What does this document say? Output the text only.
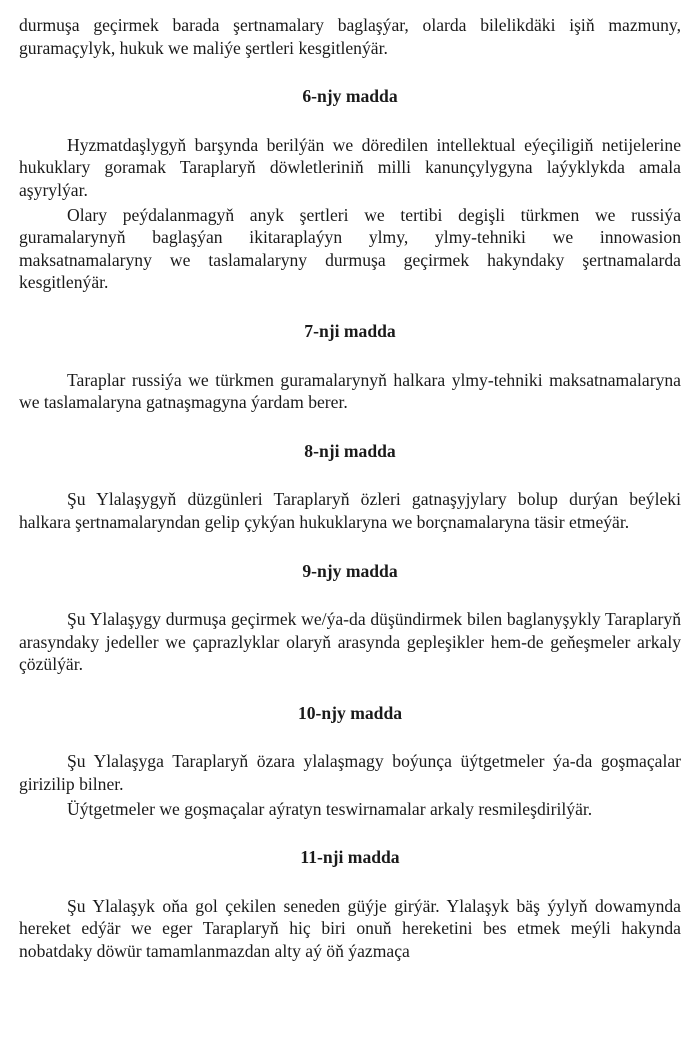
durmuşa geçirmek barada şertnamalary baglaşýar, olarda bilelikdäki işiň mazmuny, guramaçylyk, hukuk we maliýe şertleri kesgitlenýär.

6-njy madda

Hyzmatdaşlygyň barşynda berilýän we döredilen intellektual eýeçiligiň netijelerine hukuklary goramak Taraplaryň döwletleriniň milli kanunçylygyna laýyklykda amala aşyrylýar.

Olary peýdalanmagyň anyk şertleri we tertibi degişli türkmen we russiýa guramalarynyň baglaşýan ikitaraplaýyn ylmy, ylmy-tehniki we innowasion maksatnamalaryny we taslamalaryny durmuşa geçirmek hakyndaky şertnamalarda kesgitlenýär.

7-nji madda

Taraplar russiýa we türkmen guramalarynyň halkara ylmy-tehniki maksatnamalaryna we taslamalaryna gatnaşmagyna ýardam berer.

8-nji madda

Şu Ylalaşygyň düzgünleri Taraplaryň özleri gatnaşyjylary bolup durýan beýleki halkara şertnamalaryndan gelip çykýan hukuklaryna we borçnamalaryna täsir etmeýär.

9-njy madda

Şu Ylalaşygy durmuşa geçirmek we/ýa-da düşündirmek bilen baglanyşykly Taraplaryň arasyndaky jedeller we çaprazlyklar olaryň arasynda gepleşikler hem-de geňeşmeler arkaly çözülýär.

10-njy madda

Şu Ylalaşyga Taraplaryň özara ylalaşmagy boýunça üýtgetmeler ýa-da goşmaçalar girizilip bilner.

Üýtgetmeler we goşmaçalar aýratyn teswirnamalar arkaly resmileşdirilýär.

11-nji madda

Şu Ylalaşyk oňa gol çekilen seneden güýje girýär. Ylalaşyk bäş ýylyň dowamynda hereket edýär we eger Taraplaryň hiç biri onuň hereketini bes etmek meýli hakynda nobatdaky döwür tamamlanmazdan alty aý öň ýazmaça
